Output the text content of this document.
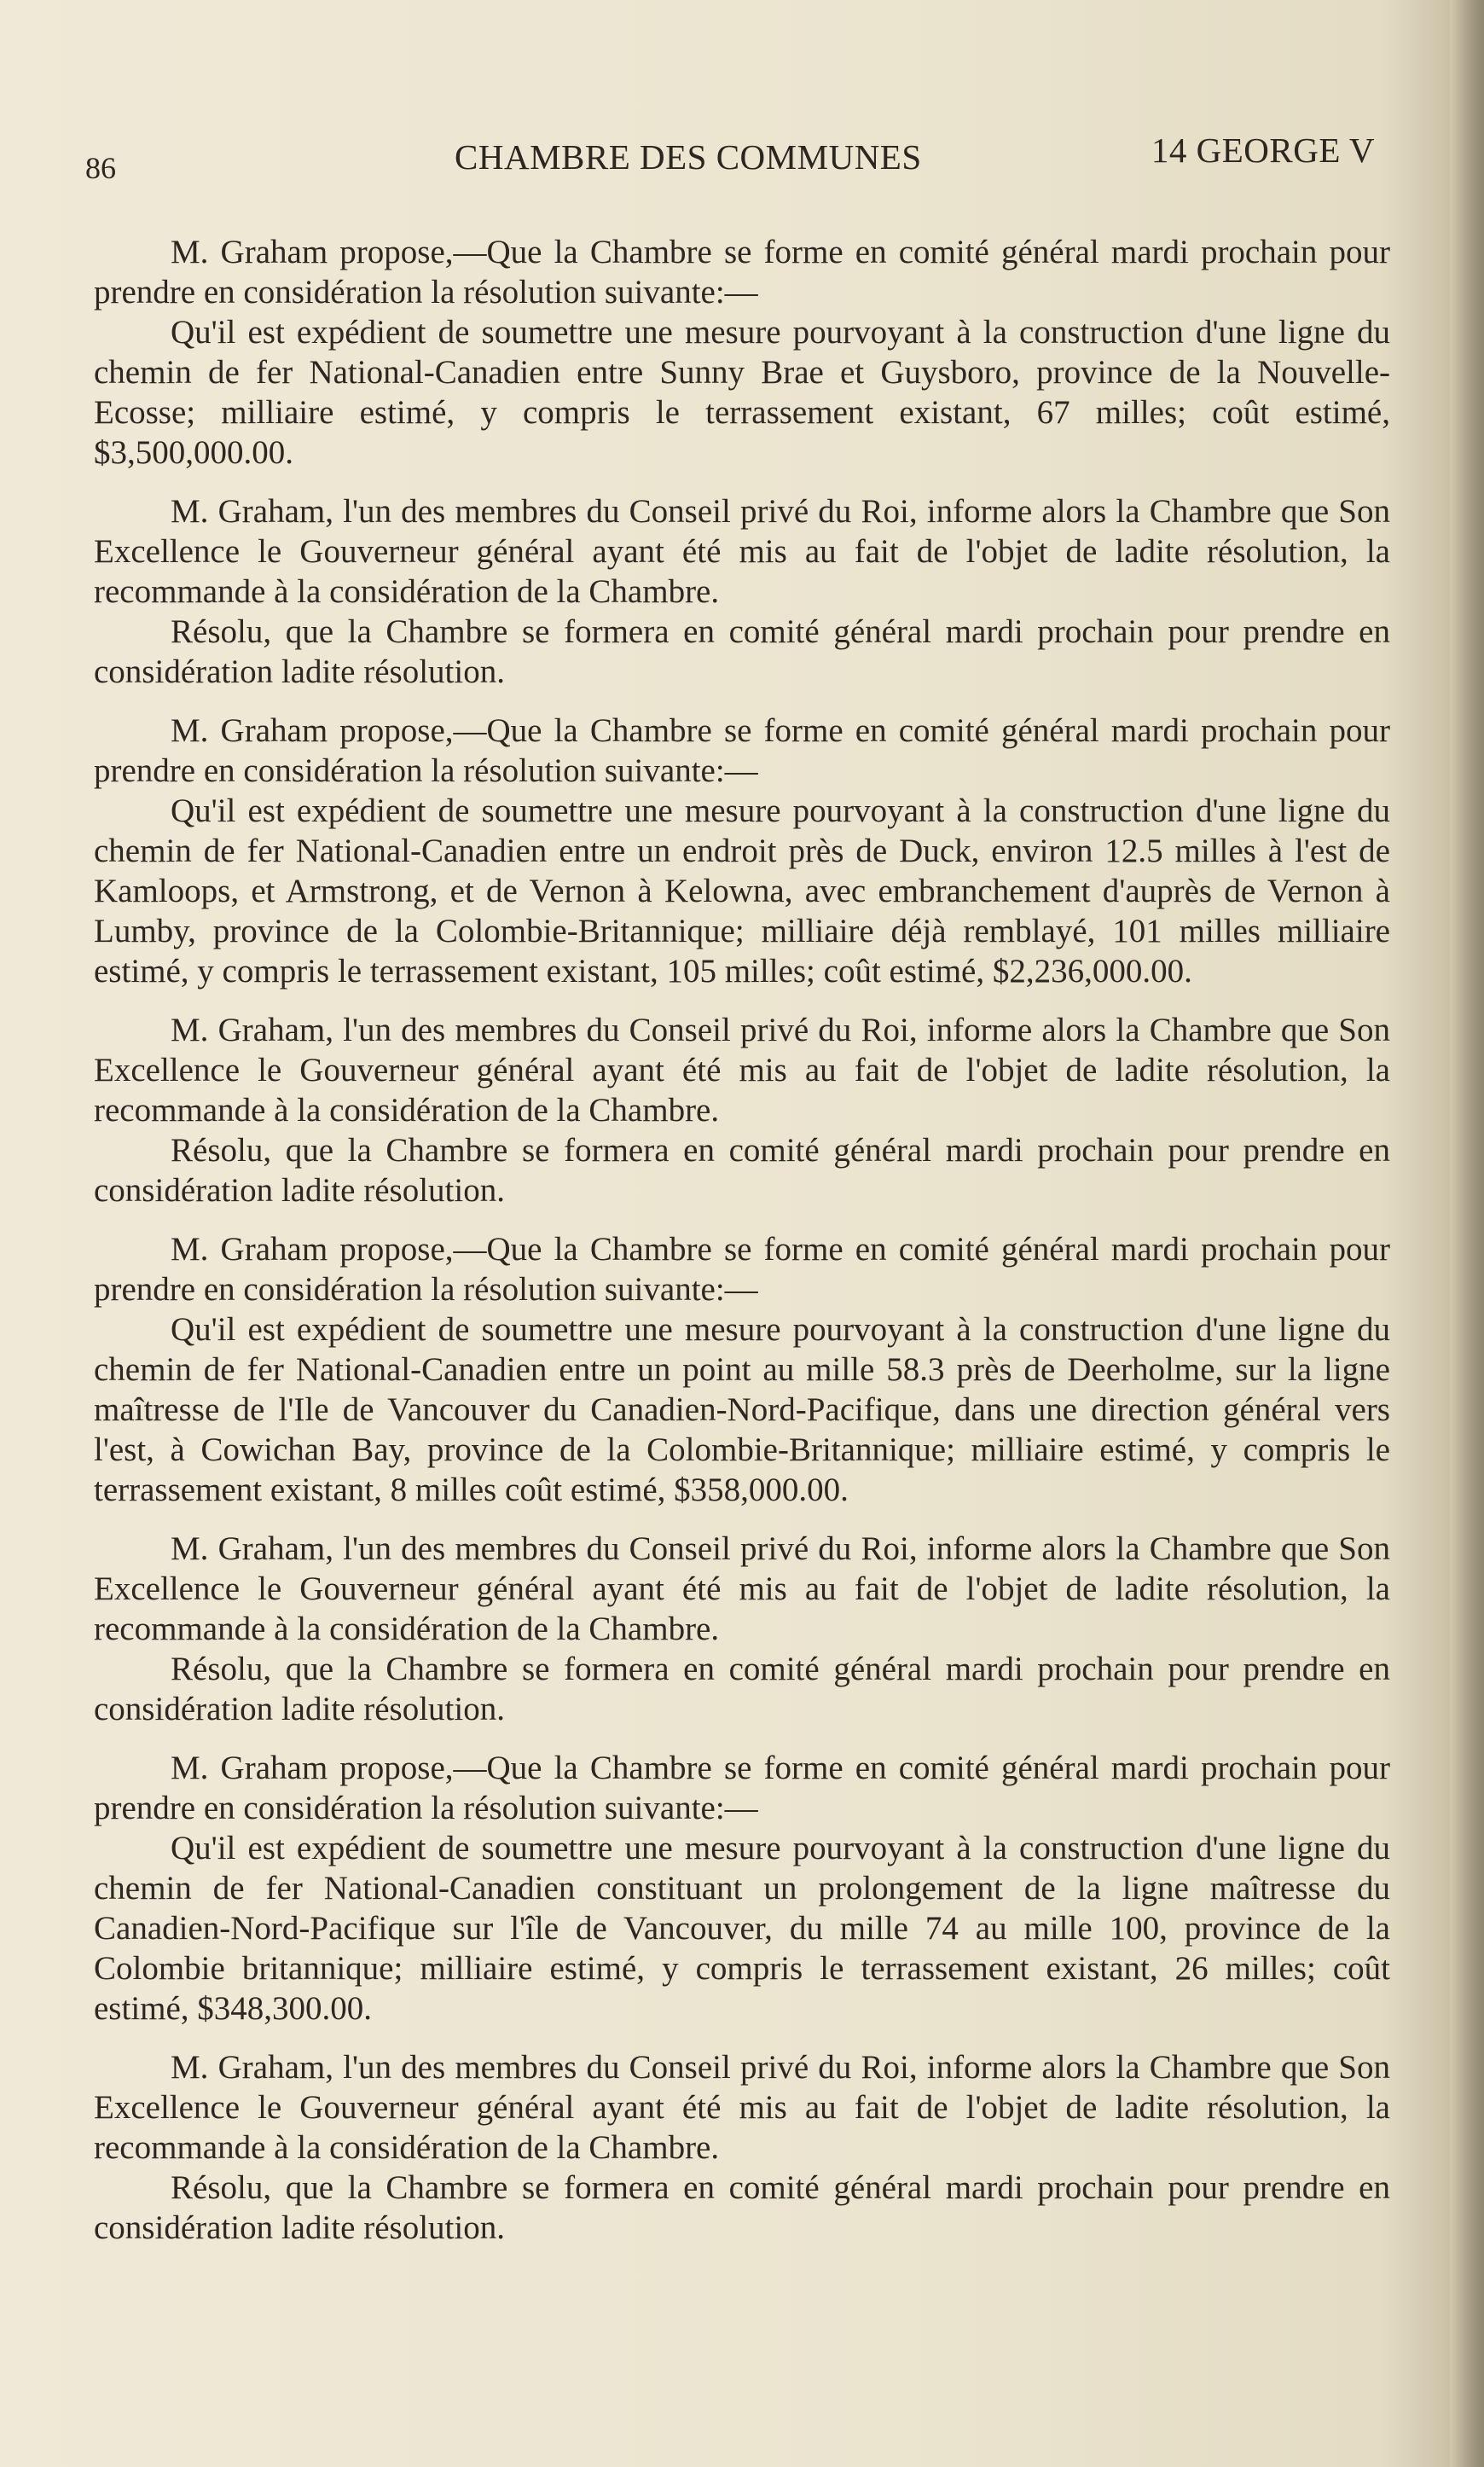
86	CHAMBRE DES COMMUNES	14 GEORGE V

M. Graham propose,—Que la Chambre se forme en comité général mardi prochain pour prendre en considération la résolution suivante:—

Qu'il est expédient de soumettre une mesure pourvoyant à la construction d'une ligne du chemin de fer National-Canadien entre Sunny Brae et Guysboro, province de la Nouvelle-Ecosse; milliaire estimé, y compris le terrassement existant, 67 milles; coût estimé, $3,500,000.00.

M. Graham, l'un des membres du Conseil privé du Roi, informe alors la Chambre que Son Excellence le Gouverneur général ayant été mis au fait de l'objet de ladite résolution, la recommande à la considération de la Chambre.

Résolu, que la Chambre se formera en comité général mardi prochain pour prendre en considération ladite résolution.

M. Graham propose,—Que la Chambre se forme en comité général mardi prochain pour prendre en considération la résolution suivante:—

Qu'il est expédient de soumettre une mesure pourvoyant à la construction d'une ligne du chemin de fer National-Canadien entre un endroit près de Duck, environ 12.5 milles à l'est de Kamloops, et Armstrong, et de Vernon à Kelowna, avec embranchement d'auprès de Vernon à Lumby, province de la Colombie-Britannique; milliaire déjà remblayé, 101 milles milliaire estimé, y compris le terrassement existant, 105 milles; coût estimé, $2,236,000.00.

M. Graham, l'un des membres du Conseil privé du Roi, informe alors la Chambre que Son Excellence le Gouverneur général ayant été mis au fait de l'objet de ladite résolution, la recommande à la considération de la Chambre.

Résolu, que la Chambre se formera en comité général mardi prochain pour prendre en considération ladite résolution.

M. Graham propose,—Que la Chambre se forme en comité général mardi prochain pour prendre en considération la résolution suivante:—

Qu'il est expédient de soumettre une mesure pourvoyant à la construction d'une ligne du chemin de fer National-Canadien entre un point au mille 58.3 près de Deerholme, sur la ligne maîtresse de l'Ile de Vancouver du Canadien-Nord-Pacifique, dans une direction général vers l'est, à Cowichan Bay, province de la Colombie-Britannique; milliaire estimé, y compris le terrassement existant, 8 milles coût estimé, $358,000.00.

M. Graham, l'un des membres du Conseil privé du Roi, informe alors la Chambre que Son Excellence le Gouverneur général ayant été mis au fait de l'objet de ladite résolution, la recommande à la considération de la Chambre.

Résolu, que la Chambre se formera en comité général mardi prochain pour prendre en considération ladite résolution.

M. Graham propose,—Que la Chambre se forme en comité général mardi prochain pour prendre en considération la résolution suivante:—

Qu'il est expédient de soumettre une mesure pourvoyant à la construction d'une ligne du chemin de fer National-Canadien constituant un prolongement de la ligne maîtresse du Canadien-Nord-Pacifique sur l'île de Vancouver, du mille 74 au mille 100, province de la Colombie britannique; milliaire estimé, y compris le terrassement existant, 26 milles; coût estimé, $348,300.00.

M. Graham, l'un des membres du Conseil privé du Roi, informe alors la Chambre que Son Excellence le Gouverneur général ayant été mis au fait de l'objet de ladite résolution, la recommande à la considération de la Chambre.

Résolu, que la Chambre se formera en comité général mardi prochain pour prendre en considération ladite résolution.
